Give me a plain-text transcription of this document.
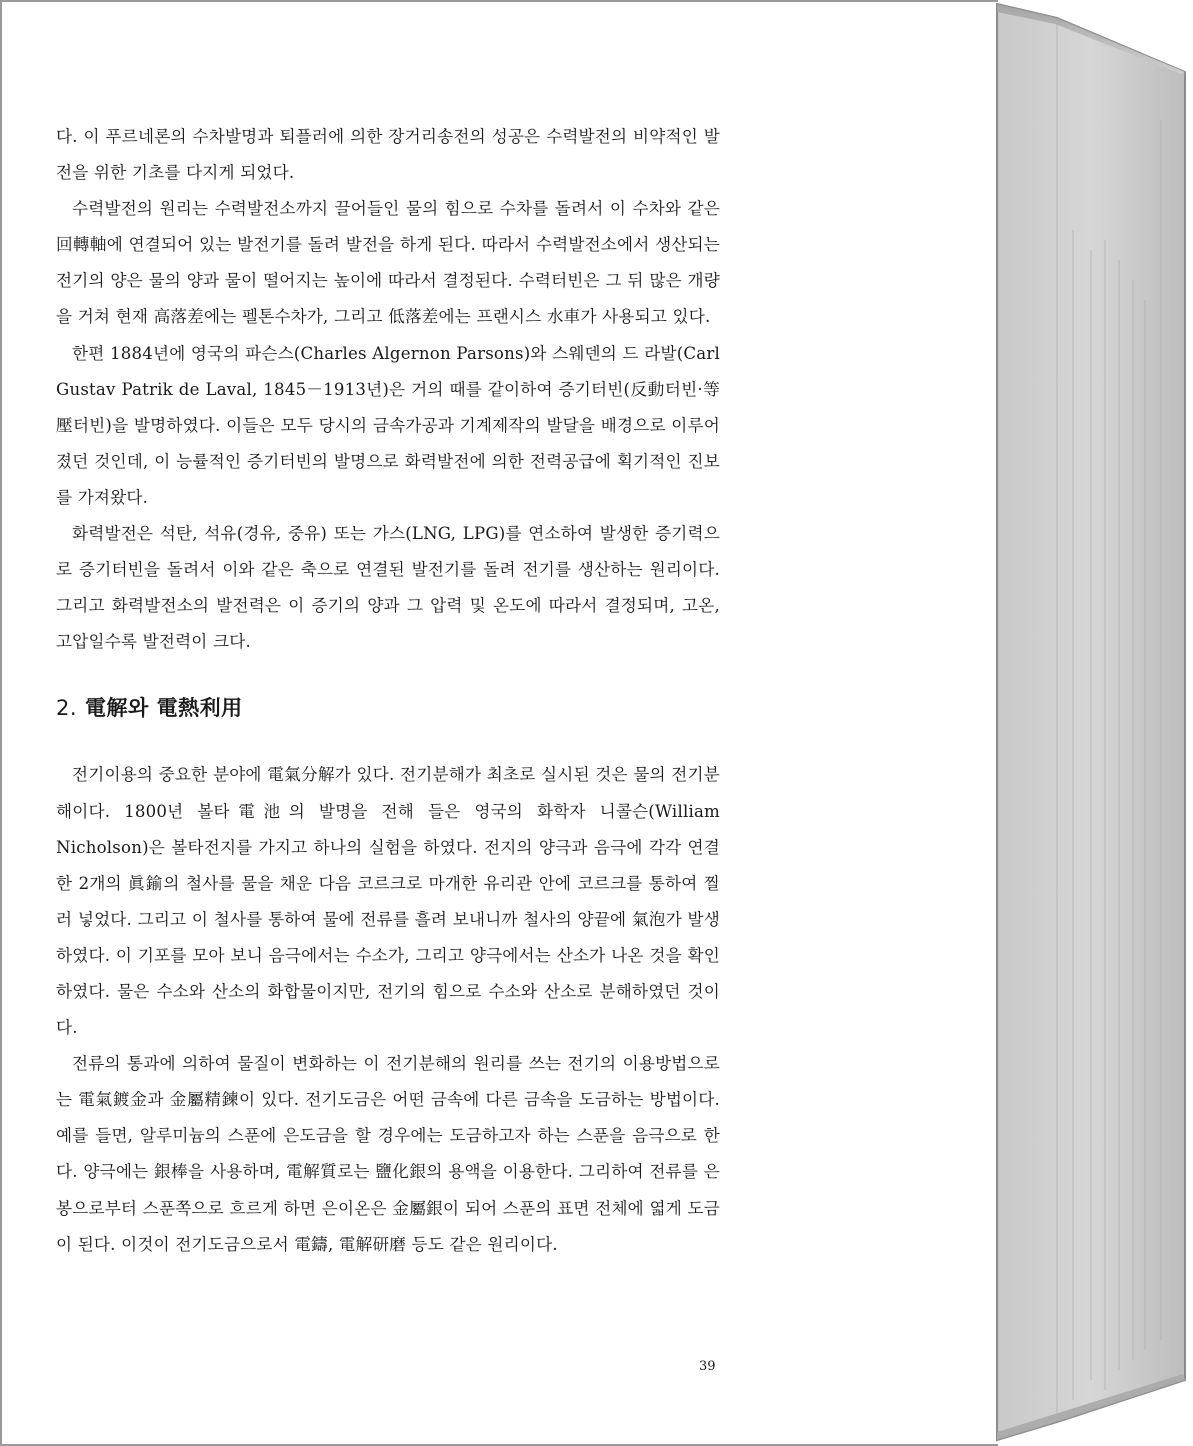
다. 이 푸르네론의 수차발명과 퇴플러에 의한 장거리송전의 성공은 수력발전의 비약적인 발전을 위한 기초를 다지게 되었다.

수력발전의 원리는 수력발전소까지 끌어들인 물의 힘으로 수차를 돌려서 이 수차와 같은 回轉軸에 연결되어 있는 발전기를 돌려 발전을 하게 된다. 따라서 수력발전소에서 생산되는 전기의 양은 물의 양과 물이 떨어지는 높이에 따라서 결정된다. 수력터빈은 그 뒤 많은 개량을 거쳐 현재 高落差에는 펠톤수차가, 그리고 低落差에는 프랜시스 水車가 사용되고 있다.

한편 1884년에 영국의 파슨스(Charles Algernon Parsons)와 스웨덴의 드 라발(Carl Gustav Patrik de Laval, 1845－1913년)은 거의 때를 같이하여 증기터빈(反動터빈·等壓터빈)을 발명하였다. 이들은 모두 당시의 금속가공과 기계제작의 발달을 배경으로 이루어졌던 것인데, 이 능률적인 증기터빈의 발명으로 화력발전에 의한 전력공급에 획기적인 진보를 가져왔다.

화력발전은 석탄, 석유(경유, 중유) 또는 가스(LNG, LPG)를 연소하여 발생한 증기력으로 증기터빈을 돌려서 이와 같은 축으로 연결된 발전기를 돌려 전기를 생산하는 원리이다. 그리고 화력발전소의 발전력은 이 증기의 양과 그 압력 및 온도에 따라서 결정되며, 고온, 고압일수록 발전력이 크다.

2. 電解와 電熱利用

전기이용의 중요한 분야에 電氣分解가 있다. 전기분해가 최초로 실시된 것은 물의 전기분해이다. 1800년 볼타電池의 발명을 전해 들은 영국의 화학자 니콜슨(William Nicholson)은 볼타전지를 가지고 하나의 실험을 하였다. 전지의 양극과 음극에 각각 연결한 2개의 眞鍮의 철사를 물을 채운 다음 코르크로 마개한 유리관 안에 코르크를 통하여 찔러 넣었다. 그리고 이 철사를 통하여 물에 전류를 흘려 보내니까 철사의 양끝에 氣泡가 발생하였다. 이 기포를 모아 보니 음극에서는 수소가, 그리고 양극에서는 산소가 나온 것을 확인하였다. 물은 수소와 산소의 화합물이지만, 전기의 힘으로 수소와 산소로 분해하였던 것이다.

전류의 통과에 의하여 물질이 변화하는 이 전기분해의 원리를 쓰는 전기의 이용방법으로는 電氣鍍金과 金屬精鍊이 있다. 전기도금은 어떤 금속에 다른 금속을 도금하는 방법이다. 예를 들면, 알루미늄의 스푼에 은도금을 할 경우에는 도금하고자 하는 스푼을 음극으로 한다. 양극에는 銀棒을 사용하며, 電解質로는 鹽化銀의 용액을 이용한다. 그리하여 전류를 은봉으로부터 스푼쪽으로 흐르게 하면 은이온은 金屬銀이 되어 스푼의 표면 전체에 엷게 도금이 된다. 이것이 전기도금으로서 電鑄, 電解研磨 등도 같은 원리이다.

39
